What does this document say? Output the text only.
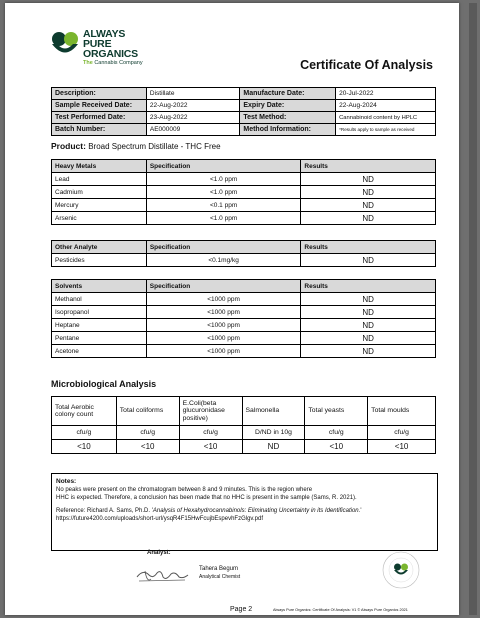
ALWAYS
PURE
ORGANICS
The Cannabis Company	Certificate Of Analysis
Description:	Distillate	Manufacture Date:	20-Jul-2022
Sample Received Date:	22-Aug-2022	Expiry Date:	22-Aug-2024
Test Performed Date:	23-Aug-2022	Test Method:	Cannabinoid content by HPLC
Batch Number:	AE000009	Method Information:	*Results apply to sample as received
Product: Broad Spectrum Distillate - THC Free
Heavy Metals	Specification	Results
Lead	<1.0 ppm	ND
Cadmium	<1.0 ppm	ND
Mercury	<0.1 ppm	ND
Arsenic	<1.0 ppm	ND
Other Analyte	Specification	Results
Pesticides	<0.1mg/kg	ND
Solvents	Specification	Results
Methanol	<1000 ppm	ND
Isopropanol	<1000 ppm	ND
Heptane	<1000 ppm	ND
Pentane	<1000 ppm	ND
Acetone	<1000 ppm	ND
Microbiological Analysis
Total Aerobic colony count	Total coliforms	E.Coli(beta glucuronidase positive)	Salmonella	Total yeasts	Total moulds
cfu/g	cfu/g	cfu/g	D/ND in 10g	cfu/g	cfu/g
<10	<10	<10	ND	<10	<10
Notes:
No peaks were present on the chromatogram between 8 and 9 minutes. This is the region where
HHC is expected. Therefore, a conclusion has been made that no HHC is present in the sample (Sams, R. 2021).
Reference: Richard A. Sams, Ph.D. 'Analysis of Hexahydrocannabinols: Eliminating Uncertainty in its Identification.'
https://future4200.com/uploads/short-url/ysqR4F15HwFcujbEspevhFzGlgv.pdf
Analyst:
Tahera Begum
Analytical Chemist
Page 2	Always Pure Organics: Certificate Of Analysis: V1 © Always Pure Organics 2021
